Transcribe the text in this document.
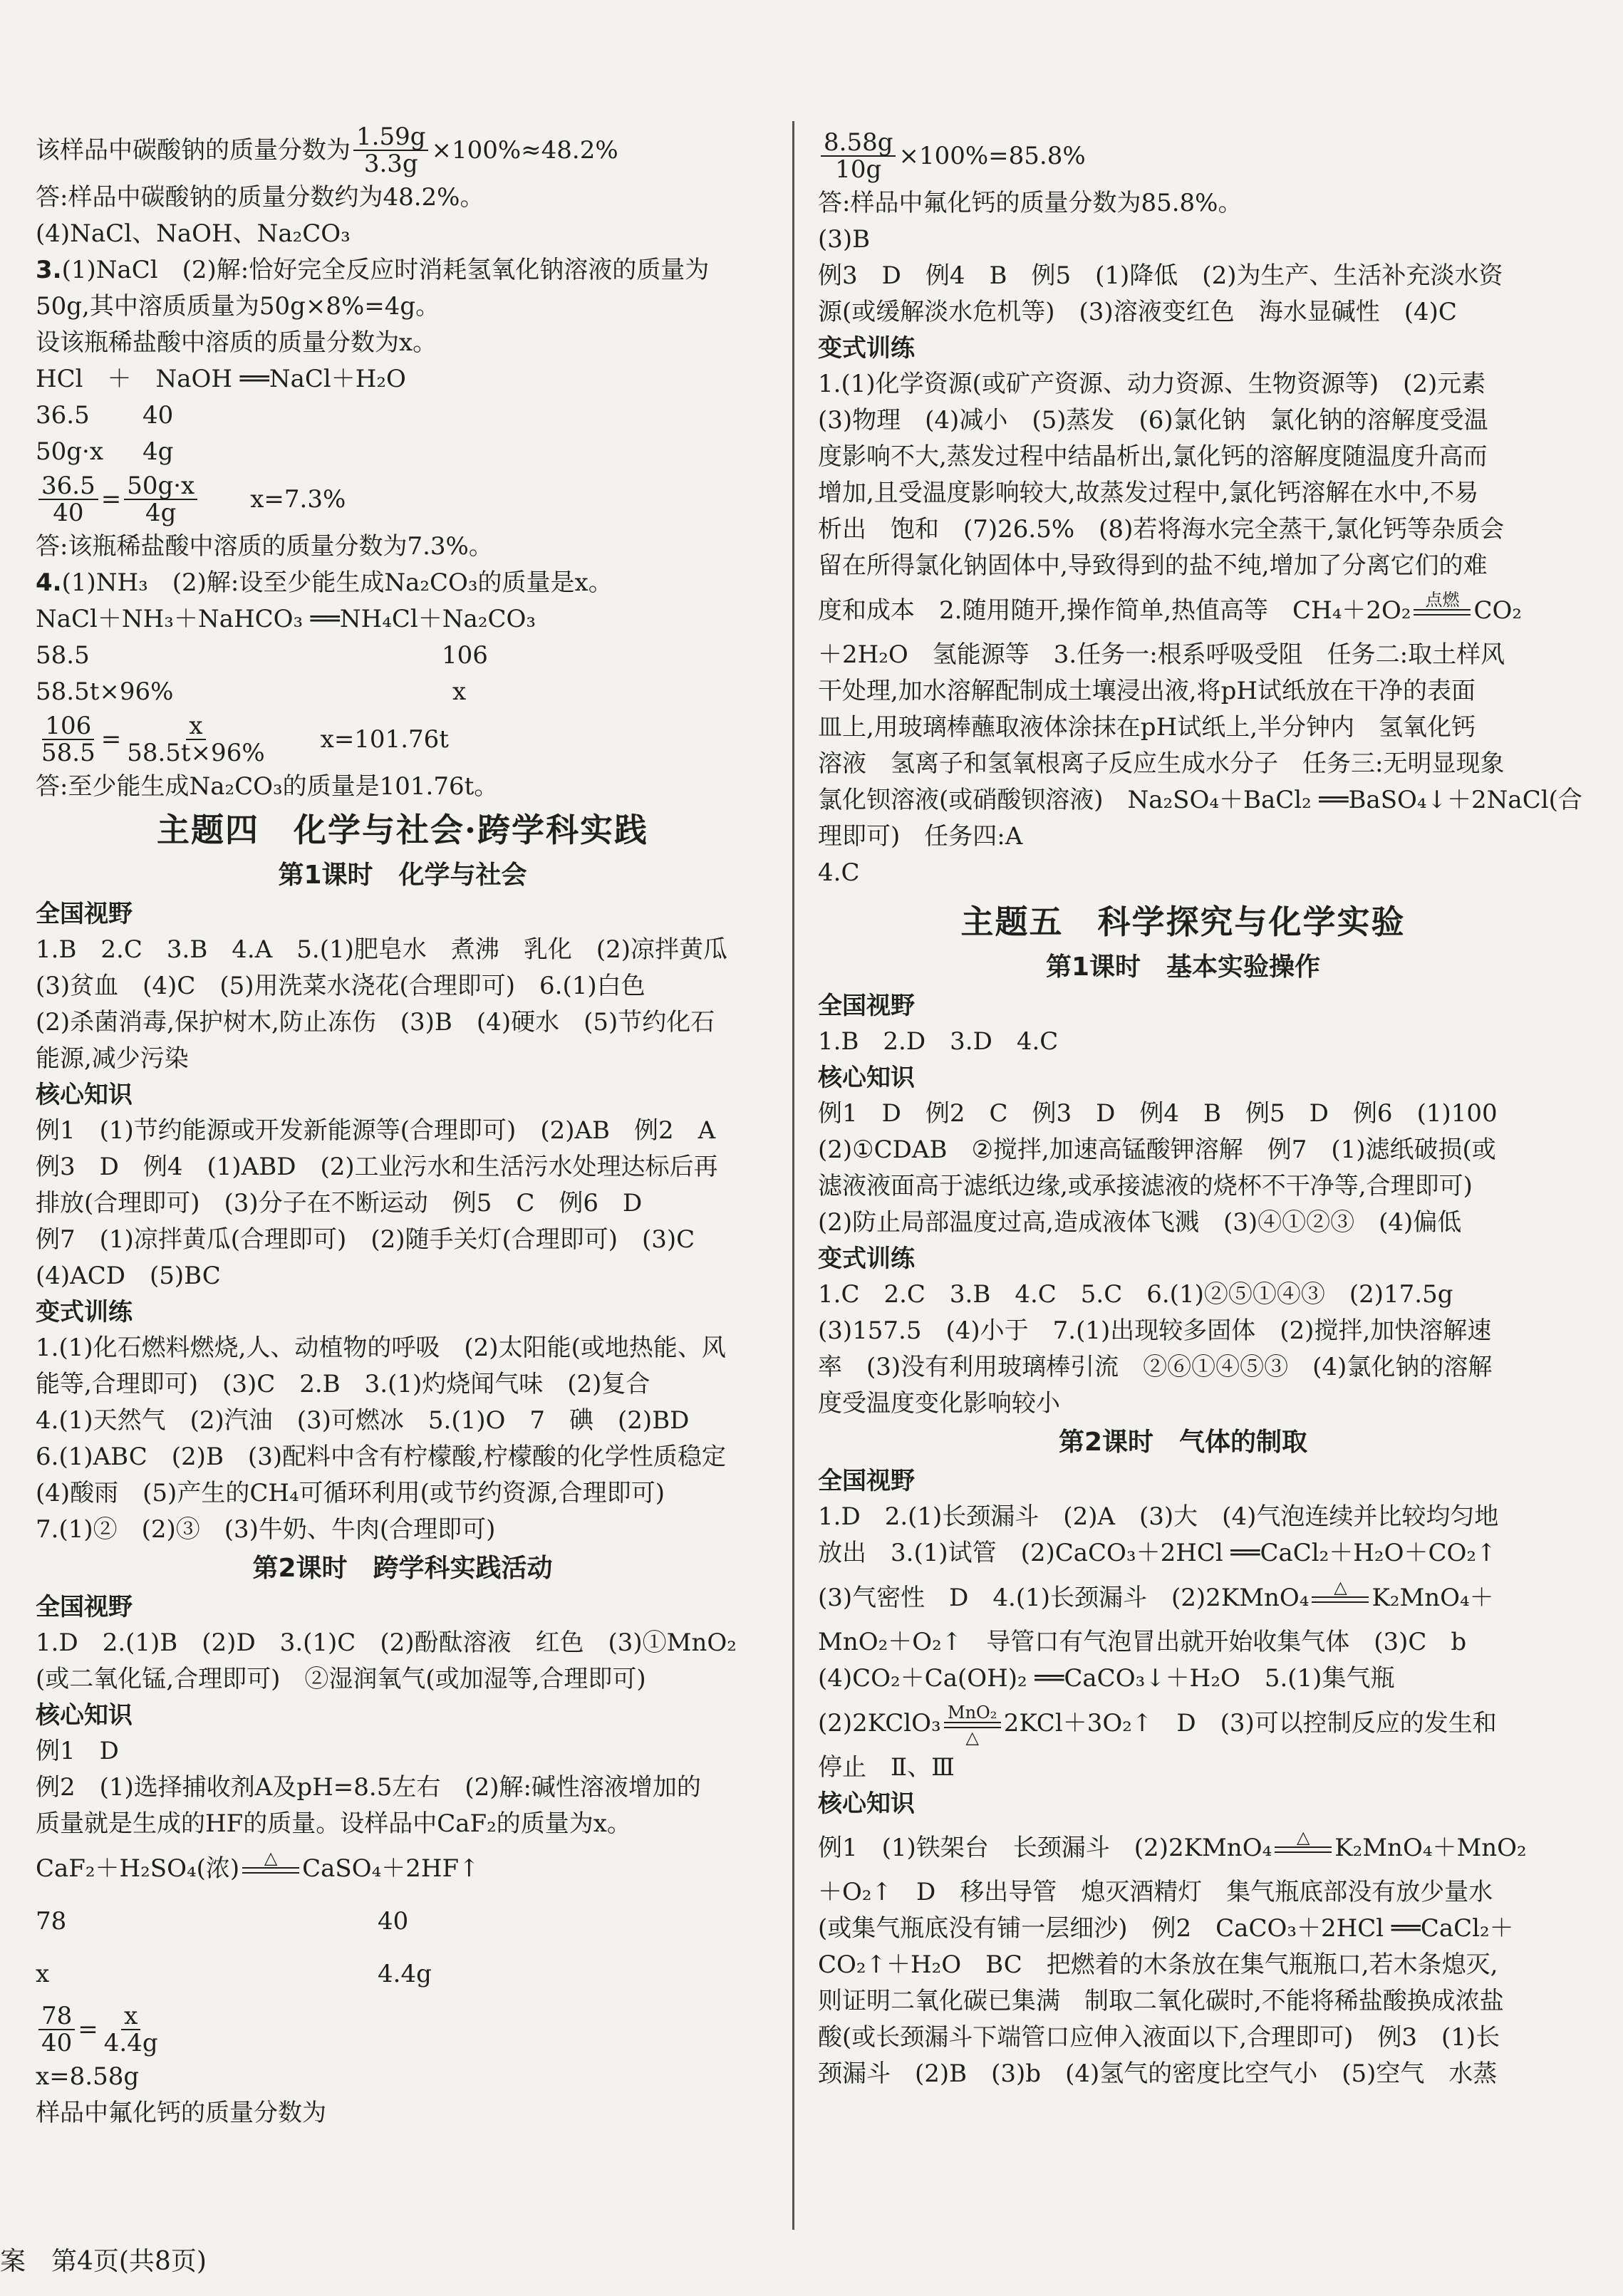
该样品中碳酸钠的质量分数为 $\frac{1.59g}{3.3g} \times 100\%\approx 48.2\%$
答:样品中碳酸钠的质量分数约为48.2%。
(4)NaCl、NaOH、Na₂CO₃
3.(1)NaCl　(2)解:恰好完全反应时消耗氢氧化钠溶液的质量为
50g,其中溶质质量为50g×8%=4g。
设该瓶稀盐酸中溶质的质量分数为x。
HCl　＋　NaOH ══NaCl＋H₂O
36.5 40
50g·x 4g
$\frac{36.5}{40} = \frac{50g\cdot x}{4g} x=7.3\%$
答:该瓶稀盐酸中溶质的质量分数为7.3%。
4.(1)NH₃　(2)解:设至少能生成Na₂CO₃的质量是x。
NaCl＋NH₃＋NaHCO₃ ══NH₄Cl＋Na₂CO₃
58.5	106
58.5t×96%	x
$\frac{106}{58.5} = \frac{x}{58.5t\times 96\%} x=101.76t$
答:至少能生成Na₂CO₃的质量是101.76t。
主题四　化学与社会·跨学科实践
第1课时　化学与社会
全国视野
1.B　2.C　3.B　4.A　5.(1)肥皂水　煮沸　乳化　(2)凉拌黄瓜
(3)贫血　(4)C　(5)用洗菜水浇花(合理即可)　6.(1)白色
(2)杀菌消毒,保护树木,防止冻伤　(3)B　(4)硬水　(5)节约化石
能源,减少污染
核心知识
例1　(1)节约能源或开发新能源等(合理即可)　(2)AB　例2　A
例3　D　例4　(1)ABD　(2)工业污水和生活污水处理达标后再
排放(合理即可)　(3)分子在不断运动　例5　C　例6　D
例7　(1)凉拌黄瓜(合理即可)　(2)随手关灯(合理即可)　(3)C
(4)ACD　(5)BC
变式训练
1.(1)化石燃料燃烧,人、动植物的呼吸　(2)太阳能(或地热能、风
能等,合理即可)　(3)C　2.B　3.(1)灼烧闻气味　(2)复合
4.(1)天然气　(2)汽油　(3)可燃冰　5.(1)O　7　碘　(2)BD
6.(1)ABC　(2)B　(3)配料中含有柠檬酸,柠檬酸的化学性质稳定
(4)酸雨　(5)产生的CH₄可循环利用(或节约资源,合理即可)
7.(1)②　(2)③　(3)牛奶、牛肉(合理即可)
第2课时　跨学科实践活动
全国视野
1.D　2.(1)B　(2)D　3.(1)C　(2)酚酞溶液　红色　(3)①MnO₂
(或二氧化锰,合理即可)　②湿润氧气(或加湿等,合理即可)
核心知识
例1　D
例2　(1)选择捕收剂A及pH=8.5左右　(2)解:碱性溶液增加的
质量就是生成的HF的质量。设样品中CaF₂的质量为x。
CaF₂＋H₂SO₄(浓) △
CaSO₄＋2HF↑
78	40
x	4.4g
$\frac{78}{40} = \frac{x}{4.4g}$
x=8.58g
样品中氟化钙的质量分数为
$\frac{8.58g}{10g} \times 100\%=85.8\%$
答:样品中氟化钙的质量分数为85.8%。
(3)B
例3　D　例4　B　例5　(1)降低　(2)为生产、生活补充淡水资
源(或缓解淡水危机等)　(3)溶液变红色　海水显碱性　(4)C
变式训练
1.(1)化学资源(或矿产资源、动力资源、生物资源等)　(2)元素
(3)物理　(4)减小　(5)蒸发　(6)氯化钠　氯化钠的溶解度受温
度影响不大,蒸发过程中结晶析出,氯化钙的溶解度随温度升高而
增加,且受温度影响较大,故蒸发过程中,氯化钙溶解在水中,不易
析出　饱和　(7)26.5%　(8)若将海水完全蒸干,氯化钙等杂质会
留在所得氯化钠固体中,导致得到的盐不纯,增加了分离它们的难
度和成本　2.随用随开,操作简单,热值高等　CH₄＋2O₂ 点燃
CO₂
＋2H₂O　氢能源等　3.任务一:根系呼吸受阻　任务二:取土样风
干处理,加水溶解配制成土壤浸出液,将pH试纸放在干净的表面
皿上,用玻璃棒蘸取液体涂抹在pH试纸上,半分钟内　氢氧化钙
溶液　氢离子和氢氧根离子反应生成水分子　任务三:无明显现象
氯化钡溶液(或硝酸钡溶液)　Na₂SO₄＋BaCl₂ ══BaSO₄↓＋2NaCl(合
理即可)　任务四:A
4.C
主题五　科学探究与化学实验
第1课时　基本实验操作
全国视野
1.B　2.D　3.D　4.C
核心知识
例1　D　例2　C　例3　D　例4　B　例5　D　例6　(1)100
(2)①CDAB　②搅拌,加速高锰酸钾溶解　例7　(1)滤纸破损(或
滤液液面高于滤纸边缘,或承接滤液的烧杯不干净等,合理即可)
(2)防止局部温度过高,造成液体飞溅　(3)④①②③　(4)偏低
变式训练
1.C　2.C　3.B　4.C　5.C　6.(1)②⑤①④③　(2)17.5g
(3)157.5　(4)小于　7.(1)出现较多固体　(2)搅拌,加快溶解速
率　(3)没有利用玻璃棒引流　②⑥①④⑤③　(4)氯化钠的溶解
度受温度变化影响较小
第2课时　气体的制取
全国视野
1.D　2.(1)长颈漏斗　(2)A　(3)大　(4)气泡连续并比较均匀地
放出　3.(1)试管　(2)CaCO₃＋2HCl ══CaCl₂＋H₂O＋CO₂↑
(3)气密性　D　4.(1)长颈漏斗　(2)2KMnO₄ △
K₂MnO₄＋
MnO₂＋O₂↑　导管口有气泡冒出就开始收集气体　(3)C　b
(4)CO₂＋Ca(OH)₂ ══CaCO₃↓＋H₂O　5.(1)集气瓶
(2)2KClO₃ MnO₂
△ 2KCl＋3O₂↑　D　(3)可以控制反应的发生和
停止　Ⅱ、Ⅲ
核心知识
例1　(1)铁架台　长颈漏斗　(2)2KMnO₄ △
K₂MnO₄＋MnO₂
＋O₂↑　D　移出导管　熄灭酒精灯　集气瓶底部没有放少量水
(或集气瓶底没有铺一层细沙)　例2　CaCO₃＋2HCl ══CaCl₂＋
CO₂↑＋H₂O　BC　把燃着的木条放在集气瓶瓶口,若木条熄灭,
则证明二氧化碳已集满　制取二氧化碳时,不能将稀盐酸换成浓盐
酸(或长颈漏斗下端管口应伸入液面以下,合理即可)　例3　(1)长
颈漏斗　(2)B　(3)b　(4)氢气的密度比空气小　(5)空气　水蒸
案　第4页(共8页)
